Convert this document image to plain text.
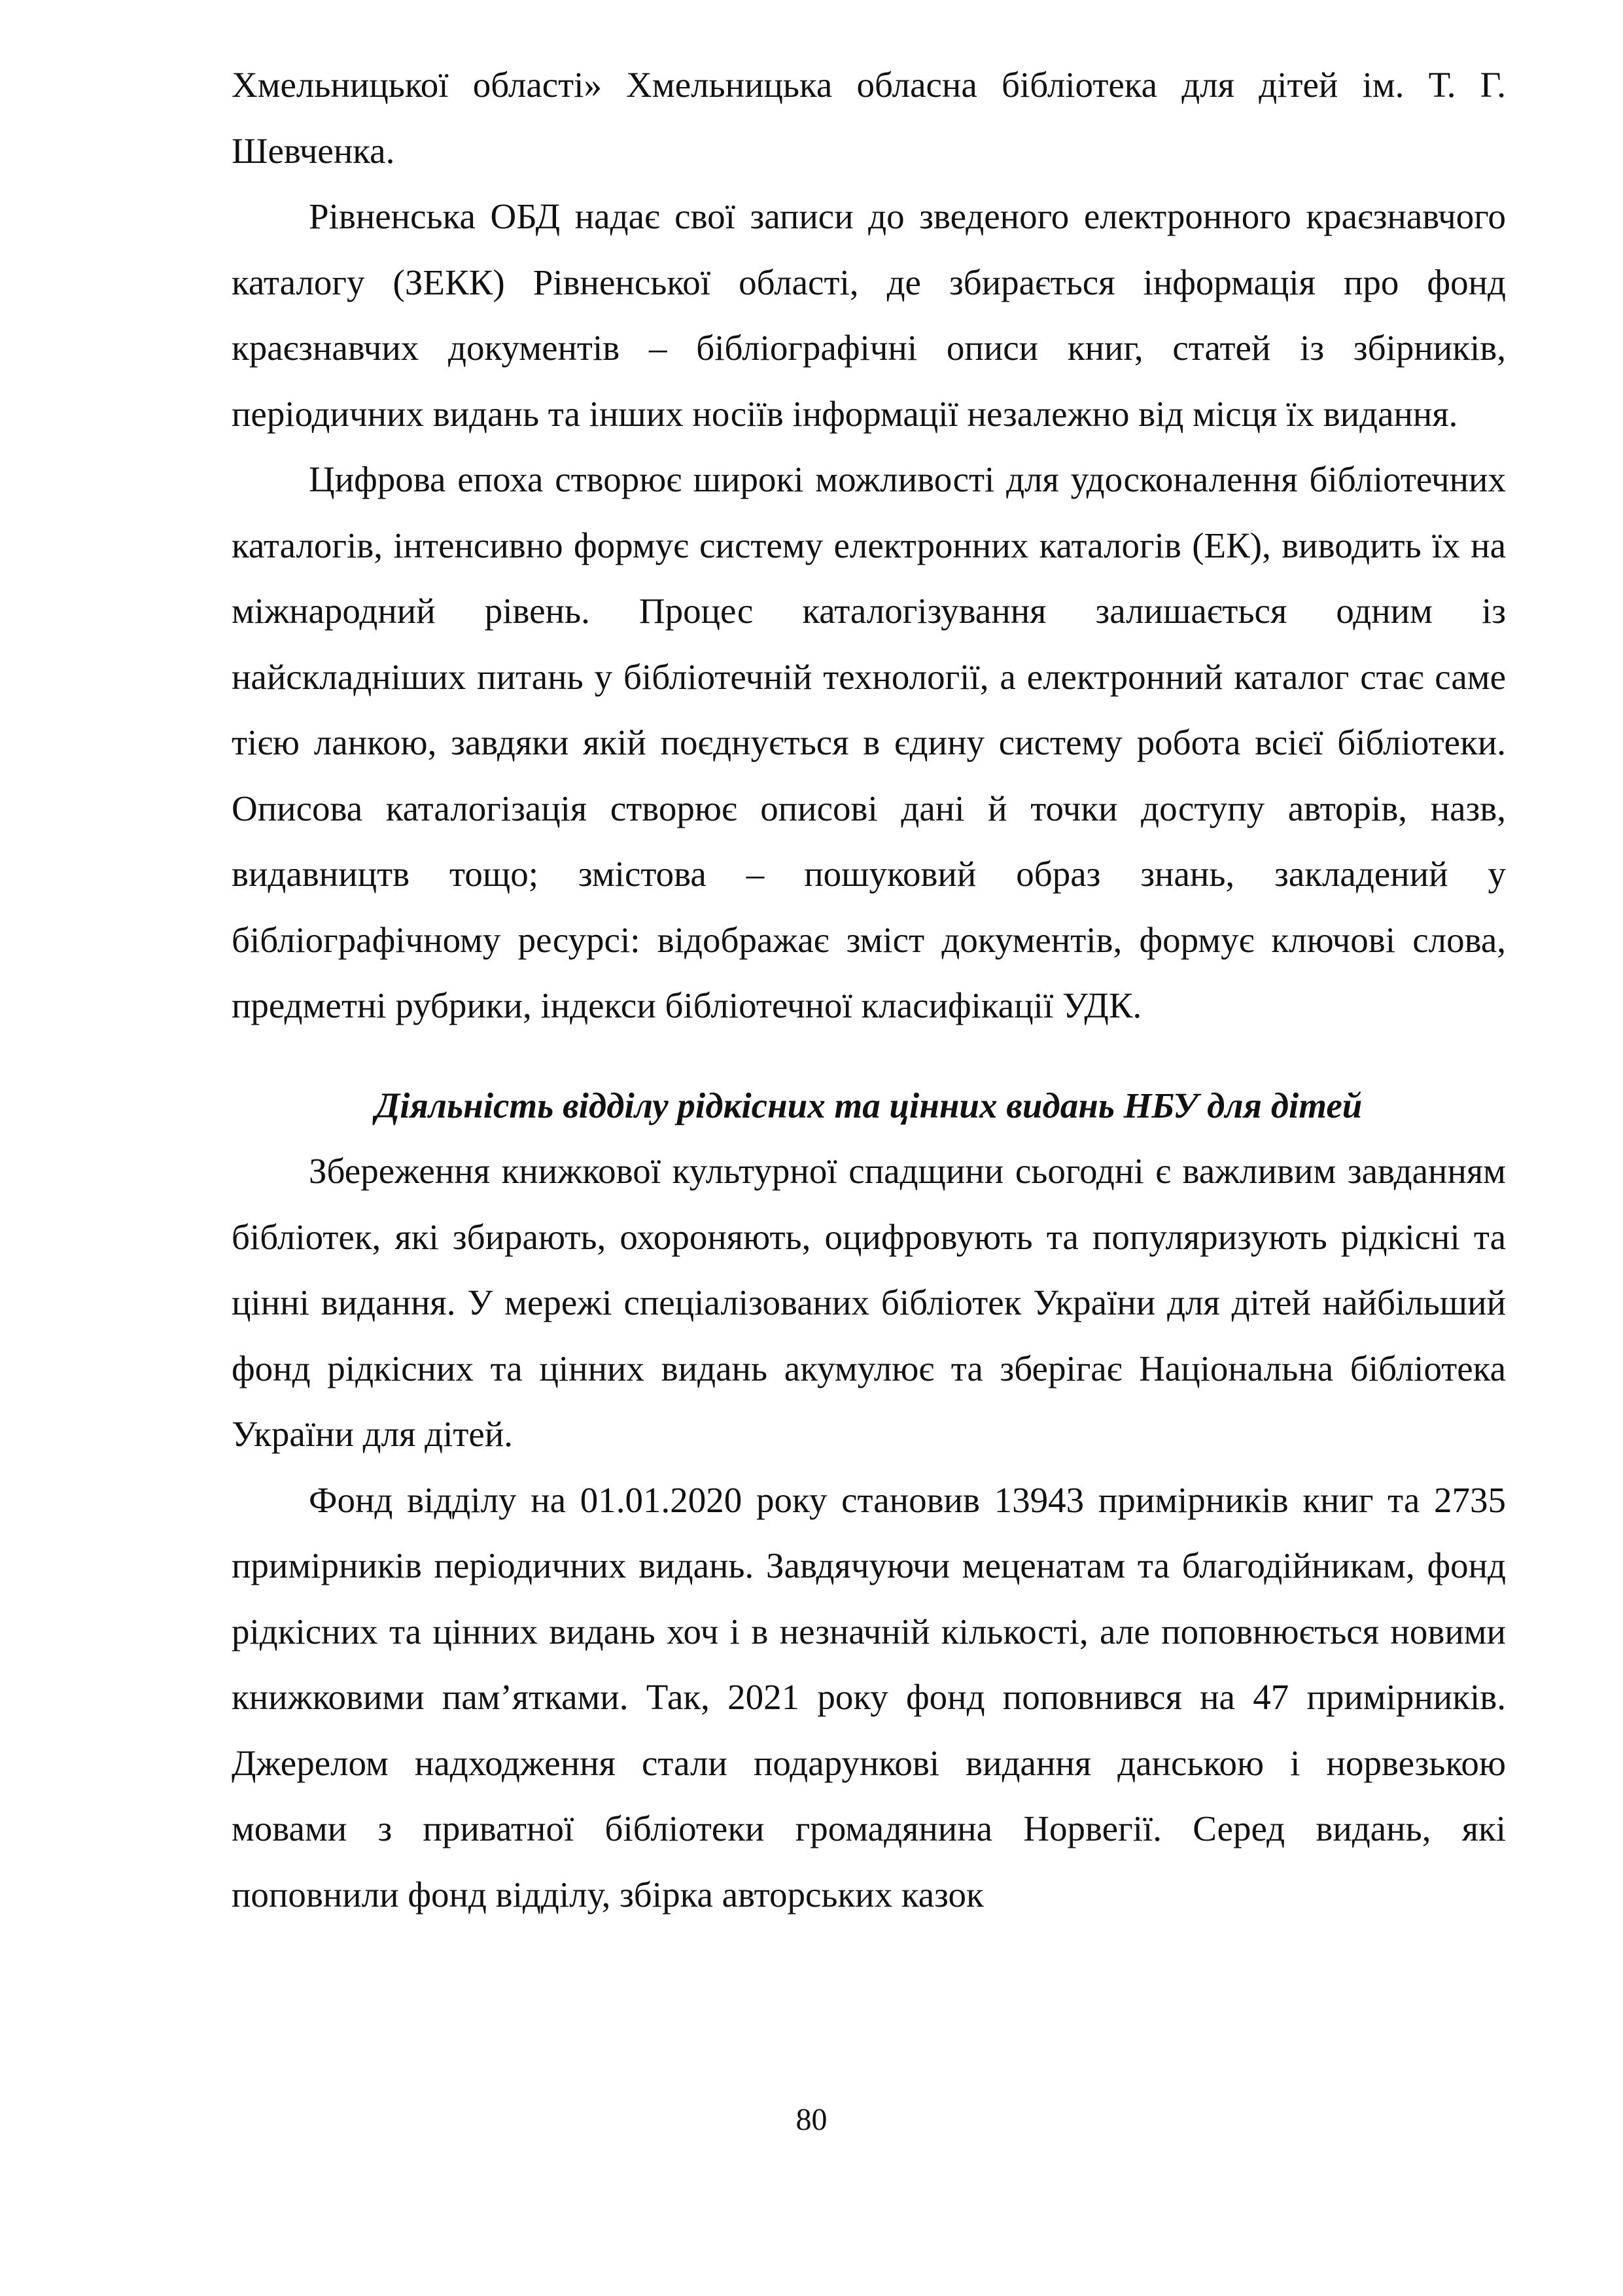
Хмельницької області» Хмельницька обласна бібліотека для дітей ім. Т. Г. Шевченка.

Рівненська ОБД надає свої записи до зведеного електронного краєзнавчого каталогу (ЗЕКК) Рівненської області, де збирається інформація про фонд краєзнавчих документів – бібліографічні описи книг, статей із збірників, періодичних видань та інших носіїв інформації незалежно від місця їх видання.

Цифрова епоха створює широкі можливості для удосконалення бібліотечних каталогів, інтенсивно формує систему електронних каталогів (ЕК), виводить їх на міжнародний рівень. Процес каталогізування залишається одним із найскладніших питань у бібліотечній технології, а електронний каталог стає саме тією ланкою, завдяки якій поєднується в єдину систему робота всієї бібліотеки. Описова каталогізація створює описові дані й точки доступу авторів, назв, видавництв тощо; змістова – пошуковий образ знань, закладений у бібліографічному ресурсі: відображає зміст документів, формує ключові слова, предметні рубрики, індекси бібліотечної класифікації УДК.

Діяльність відділу рідкісних та цінних видань НБУ для дітей

Збереження книжкової культурної спадщини сьогодні є важливим завданням бібліотек, які збирають, охороняють, оцифровують та популяризують рідкісні та цінні видання. У мережі спеціалізованих бібліотек України для дітей найбільший фонд рідкісних та цінних видань акумулює та зберігає Національна бібліотека України для дітей.

Фонд відділу на 01.01.2020 року становив 13943 примірників книг та 2735 примірників періодичних видань. Завдячуючи меценатам та благодійникам, фонд рідкісних та цінних видань хоч і в незначній кількості, але поповнюється новими книжковими пам’ятками. Так, 2021 року фонд поповнився на 47 примірників. Джерелом надходження стали подарункові видання данською і норвезькою мовами з приватної бібліотеки громадянина Норвегії. Серед видань, які поповнили фонд відділу, збірка авторських казок

80
